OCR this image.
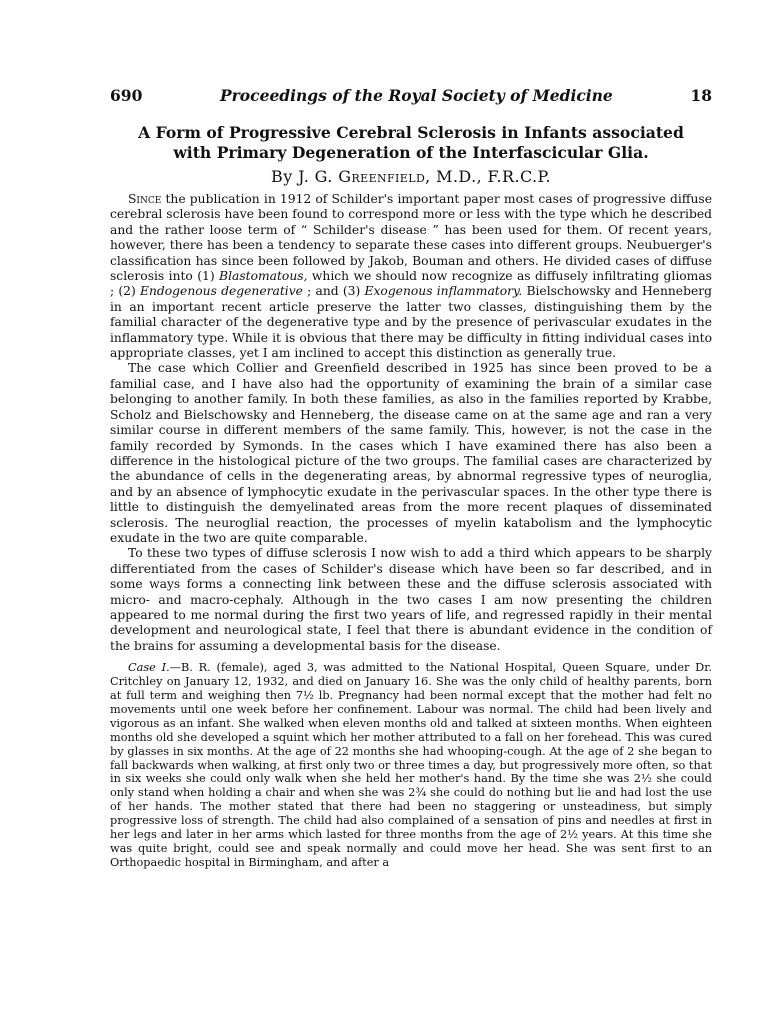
690	Proceedings of the Royal Society of Medicine	18
A Form of Progressive Cerebral Sclerosis in Infants associated
with Primary Degeneration of the Interfascicular Glia.
By J. G. Greenfield, M.D., F.R.C.P.

Since the publication in 1912 of Schilder's important paper most cases of progressive diffuse cerebral sclerosis have been found to correspond more or less with the type which he described and the rather loose term of “ Schilder's disease ” has been used for them. Of recent years, however, there has been a tendency to separate these cases into different groups. Neubuerger's classification has since been followed by Jakob, Bouman and others. He divided cases of diffuse sclerosis into (1) Blastomatous, which we should now recognize as diffusely infiltrating gliomas ; (2) Endogenous degenerative ; and (3) Exogenous inflammatory. Bielschowsky and Henneberg in an important recent article preserve the latter two classes, distinguishing them by the familial character of the degenerative type and by the presence of perivascular exudates in the inflammatory type. While it is obvious that there may be difficulty in fitting individual cases into appropriate classes, yet I am inclined to accept this distinction as generally true.

The case which Collier and Greenfield described in 1925 has since been proved to be a familial case, and I have also had the opportunity of examining the brain of a similar case belonging to another family. In both these families, as also in the families reported by Krabbe, Scholz and Bielschowsky and Henneberg, the disease came on at the same age and ran a very similar course in different members of the same family. This, however, is not the case in the family recorded by Symonds. In the cases which I have examined there has also been a difference in the histological picture of the two groups. The familial cases are characterized by the abundance of cells in the degenerating areas, by abnormal regressive types of neuroglia, and by an absence of lymphocytic exudate in the perivascular spaces. In the other type there is little to distinguish the demyelinated areas from the more recent plaques of disseminated sclerosis. The neuroglial reaction, the processes of myelin katabolism and the lymphocytic exudate in the two are quite comparable.

To these two types of diffuse sclerosis I now wish to add a third which appears to be sharply differentiated from the cases of Schilder's disease which have been so far described, and in some ways forms a connecting link between these and the diffuse sclerosis associated with micro- and macro-cephaly. Although in the two cases I am now presenting the children appeared to me normal during the first two years of life, and regressed rapidly in their mental development and neurological state, I feel that there is abundant evidence in the condition of the brains for assuming a developmental basis for the disease.

Case I.—B. R. (female), aged 3, was admitted to the National Hospital, Queen Square, under Dr. Critchley on January 12, 1932, and died on January 16. She was the only child of healthy parents, born at full term and weighing then 7½ lb. Pregnancy had been normal except that the mother had felt no movements until one week before her confinement. Labour was normal. The child had been lively and vigorous as an infant. She walked when eleven months old and talked at sixteen months. When eighteen months old she developed a squint which her mother attributed to a fall on her forehead. This was cured by glasses in six months. At the age of 22 months she had whooping-cough. At the age of 2 she began to fall backwards when walking, at first only two or three times a day, but progressively more often, so that in six weeks she could only walk when she held her mother's hand. By the time she was 2½ she could only stand when holding a chair and when she was 2¾ she could do nothing but lie and had lost the use of her hands. The mother stated that there had been no staggering or unsteadiness, but simply progressive loss of strength. The child had also complained of a sensation of pins and needles at first in her legs and later in her arms which lasted for three months from the age of 2½ years. At this time she was quite bright, could see and speak normally and could move her head. She was sent first to an Orthopaedic hospital in Birmingham, and after a
